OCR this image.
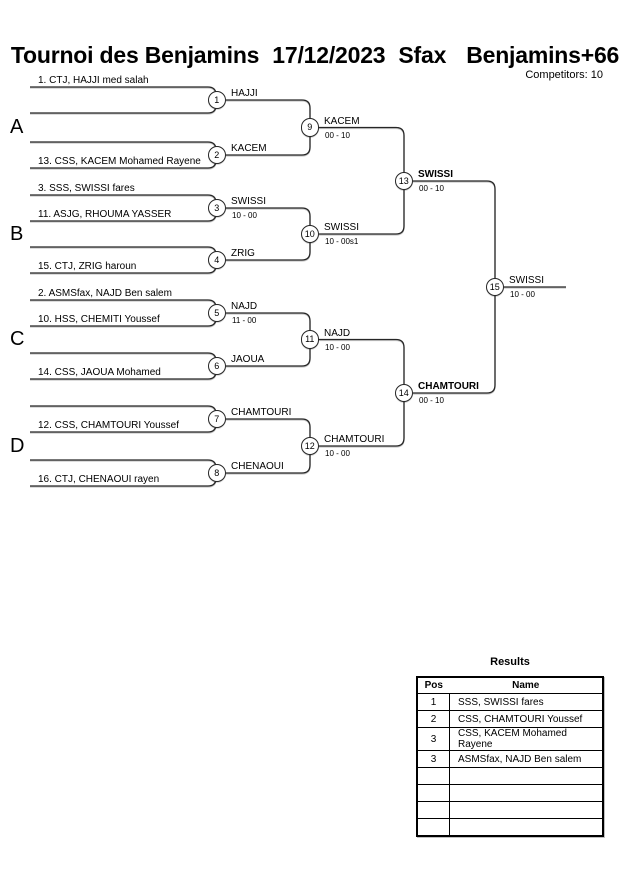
Tournoi des Benjamins 17/12/2023 Sfax Benjamins+66
Competitors: 10
A
B
C
D
1. CTJ, HAJJI med salah
13. CSS, KACEM Mohamed Rayene
3. SSS, SWISSI fares
11. ASJG, RHOUMA YASSER
15. CTJ, ZRIG haroun
2. ASMSfax, NAJD Ben salem
10. HSS, CHEMITI Youssef
14. CSS, JAOUA Mohamed
12. CSS, CHAMTOURI Youssef
16. CTJ, CHENAOUI rayen
1
2
3
4
5
6
7
8
9
10
11
12
13
14
15
HAJJI
KACEM
SWISSI
ZRIG
NAJD
JAOUA
CHAMTOURI
CHENAOUI
KACEM
SWISSI
NAJD
CHAMTOURI
SWISSI
CHAMTOURI
SWISSI
10 - 00
11 - 00
00 - 10
10 - 00s1
10 - 00
10 - 00
00 - 10
00 - 10
10 - 00
Results
Pos	Name
1	SSS, SWISSI fares
2	CSS, CHAMTOURI Youssef
3	CSS, KACEM Mohamed Rayene
3	ASMSfax, NAJD Ben salem
